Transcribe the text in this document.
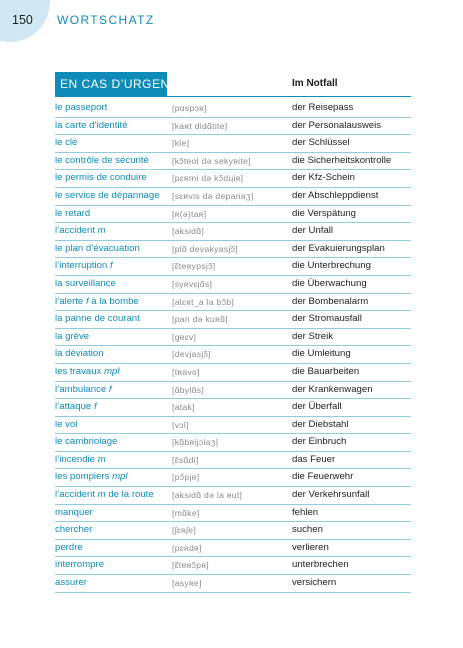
150 WORTSCHATZ
EN CAS D’URGENCE	Im Notfall
le passeport	[pɑspɔʀ]	der Reisepass
la carte d’identité	[kaʀt didɑ̃tite]	der Personalausweis
le clé	[kle]	der Schlüssel
le contrôle de sécurité	[kɔ̃tʀol də sekyʀite]	die Sicherheitskontrolle
le permis de conduire	[pɛʀmi də kɔ̃dɥiʀ]	der Kfz-Schein
le service de dépannage [sɛʀvis də depanaʒ]	der Abschleppdienst
le retard	[ʀ(ə)taʀ]	die Verspätung
l’accident m	[aksidɑ̃]	der Unfall
le plan d’évacuation	[plɑ̃ devakyasjɔ̃]	der Evakuierungsplan
l’interruption f	[ɛ̃teʀypsjɔ̃]	die Unterbrechung
la surveillance	[syʀvɛjɑ̃s]	die Überwachung
l’alerte f à la bombe	[alɛʀt_a la bɔ̃b]	der Bombenalarm
la panne de courant	[pan də kuʀɑ̃]	der Stromausfall
la grève	[gʀɛv]	der Streik
la déviation	[devjasjɔ̃]	die Umleitung
les travaux mpl	[tʀavo]	die Bauarbeiten
l’ambulance f	[ɑ̃bylɑ̃s]	der Krankenwagen
l’attaque f	[atak]	der Überfall
le vol	[vɔl]	der Diebstahl
le cambriolage	[kɑ̃bʀijɔlaʒ]	der Einbruch
l’incendie m	[ɛ̃sɑ̃di]	das Feuer
les pompiers mpl	[pɔ̃pje]	die Feuerwehr
l’accident m de la route [aksidɑ̃ də la ʀut]	der Verkehrsunfall
manquer	[mɑ̃ke]	fehlen
chercher	[ʃɛʀʃe]	suchen
perdre	[pɛʀdʀ]	verlieren
interrompre	[ɛ̃teʀɔ̃pʀ]	unterbrechen
assurer	[asyʀe]	versichern
